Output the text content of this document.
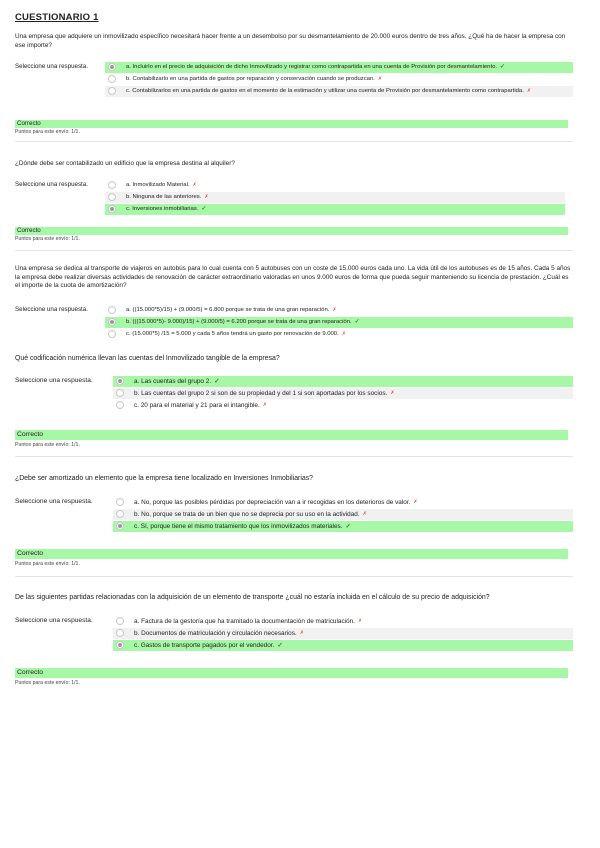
CUESTIONARIO 1

Una empresa que adquiere un inmovilizado específico necesitará hacer frente a un desembolso por su desmantelamiento de 20.000 euros dentro de tres años. ¿Qué ha de hacer la empresa con ese importe?

Seleccione una respuesta.	a. Incluirlo en el precio de adquisición de dicho Inmovilizado y registrar como contrapartida en una cuenta de Provisión por desmantelamiento. ✓
b. Contabilizarlo en una partida de gastos por reparación y conservación cuando se produzcan. ✗
c. Contabilizarlos en una partida de gastos en el momento de la estimación y utilizar una cuenta de Provisión por desmantelamiento como contrapartida. ✗
Correcto
Puntos para este envío: 1/1.

¿Dónde debe ser contabilizado un edificio que la empresa destina al alquiler?

Seleccione una respuesta.	a. Inmovilizado Material. ✗
b. Ninguna de las anteriores. ✗
c. Inversiones inmobiliarias. ✓
Correcto
Puntos para este envío: 1/1.

Una empresa se dedica al transporte de viajeros en autobús para lo cual cuenta con 5 autobuses con un coste de 15.000 euros cada uno. La vida útil de los autobuses es de 15 años. Cada 5 años la empresa debe realizar diversas actividades de renovación de carácter extraordinario valoradas en unos 9.000 euros de forma que pueda seguir manteniendo su licencia de prestación. ¿Cuál es el importe de la cuota de amortización?

Seleccione una respuesta.	a. ((15.000*5)/15) + (9.000/5) = 6.800 porque se trata de una gran reparación. ✗
b. (((15.000*5)- 9.000)/15) + (9.000/5) = 6.200 porque se trata de una gran reparación. ✓
c. (15.000*5) /15 = 5.000 y cada 5 años tendrá un gasto por renovación de 9.000. ✗

Qué codificación numérica llevan las cuentas del Inmovilizado tangible de la empresa?

Seleccione una respuesta.	a. Las cuentas del grupo 2. ✓
b. Las cuentas del grupo 2 si son de su propiedad y del 1 si son aportadas por los socios. ✗
c. 20 para el material y 21 para el intangible. ✗
Correcto
Puntos para este envío: 1/1.

¿Debe ser amortizado un elemento que la empresa tiene localizado en Inversiones Inmobiliarias?

Seleccione una respuesta.	a. No, porque las posibles pérdidas por depreciación van a ir recogidas en los deterioros de valor. ✗
b. No, porque se trata de un bien que no se deprecia por su uso en la actividad. ✗
c. Sí, porque tiene el mismo tratamiento que los inmovilizados materiales. ✓
Correcto
Puntos para este envío: 1/1.

De las siguientes partidas relacionadas con la adquisición de un elemento de transporte ¿cuál no estaría incluida en el cálculo de su precio de adquisición?

Seleccione una respuesta.	a. Factura de la gestoría que ha tramitado la documentación de matriculación. ✗
b. Documentos de matriculación y circulación necesarios. ✗
c. Gastos de transporte pagados por el vendedor. ✓
Correcto
Puntos para este envío: 1/1.
